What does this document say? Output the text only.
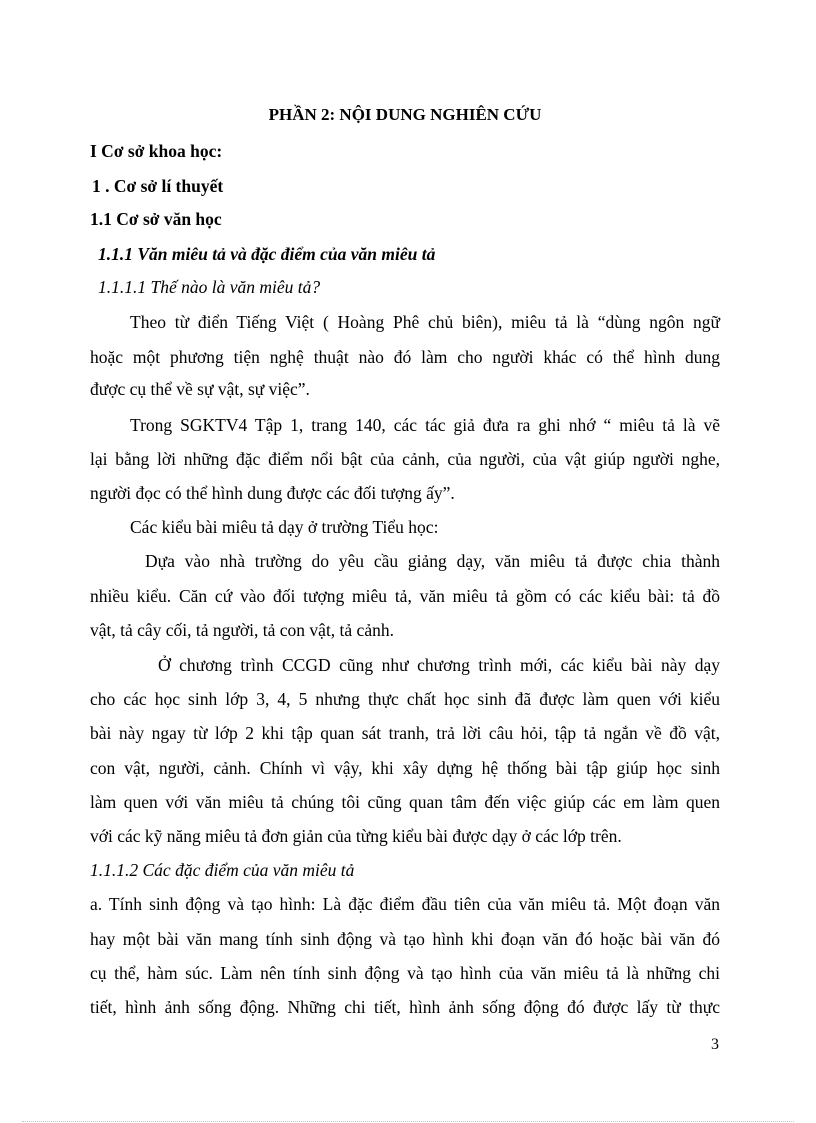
PHẦN 2: NỘI DUNG NGHIÊN CỨU
I Cơ sở khoa học:
1 . Cơ sở lí thuyết
1.1 Cơ sở văn học
1.1.1 Văn miêu tả và đặc điểm của văn miêu tả
1.1.1.1 Thế nào là văn miêu tả?
Theo từ điển Tiếng Việt ( Hoàng Phê chủ biên), miêu tả là “dùng ngôn ngữ
hoặc một phương tiện nghệ thuật nào đó làm cho người khác có thể hình dung
được cụ thể về sự vật, sự việc”.
Trong SGKTV4 Tập 1, trang 140, các tác giả đưa ra ghi nhớ “ miêu tả là vẽ
lại bằng lời những đặc điểm nổi bật của cảnh, của người, của vật giúp người nghe,
người đọc có thể hình dung được các đối tượng ấy”.
Các kiểu bài miêu tả dạy ở trường Tiểu học:
Dựa vào nhà trường do yêu cầu giảng dạy, văn miêu tả được chia thành
nhiều kiểu. Căn cứ vào đối tượng miêu tả, văn miêu tả gồm có các kiểu bài: tả đồ
vật, tả cây cối, tả người, tả con vật, tả cảnh.
Ở chương trình CCGD cũng như chương trình mới, các kiểu bài này dạy
cho các học sinh lớp 3, 4, 5 nhưng thực chất học sinh đã được làm quen với kiểu
bài này ngay từ lớp 2 khi tập quan sát tranh, trả lời câu hỏi, tập tả ngắn về đồ vật,
con vật, người, cảnh. Chính vì vậy, khi xây dựng hệ thống bài tập giúp học sinh
làm quen với văn miêu tả chúng tôi cũng quan tâm đến việc giúp các em làm quen
với các kỹ năng miêu tả đơn giản của từng kiểu bài được dạy ở các lớp trên.
1.1.1.2 Các đặc điểm của văn miêu tả
a. Tính sinh động và tạo hình: Là đặc điểm đầu tiên của văn miêu tả. Một đoạn văn
hay một bài văn mang tính sinh động và tạo hình khi đoạn văn đó hoặc bài văn đó
cụ thể, hàm súc. Làm nên tính sinh động và tạo hình của văn miêu tả là những chi
tiết, hình ảnh sống động. Những chi tiết, hình ảnh sống động đó được lấy từ thực
3
